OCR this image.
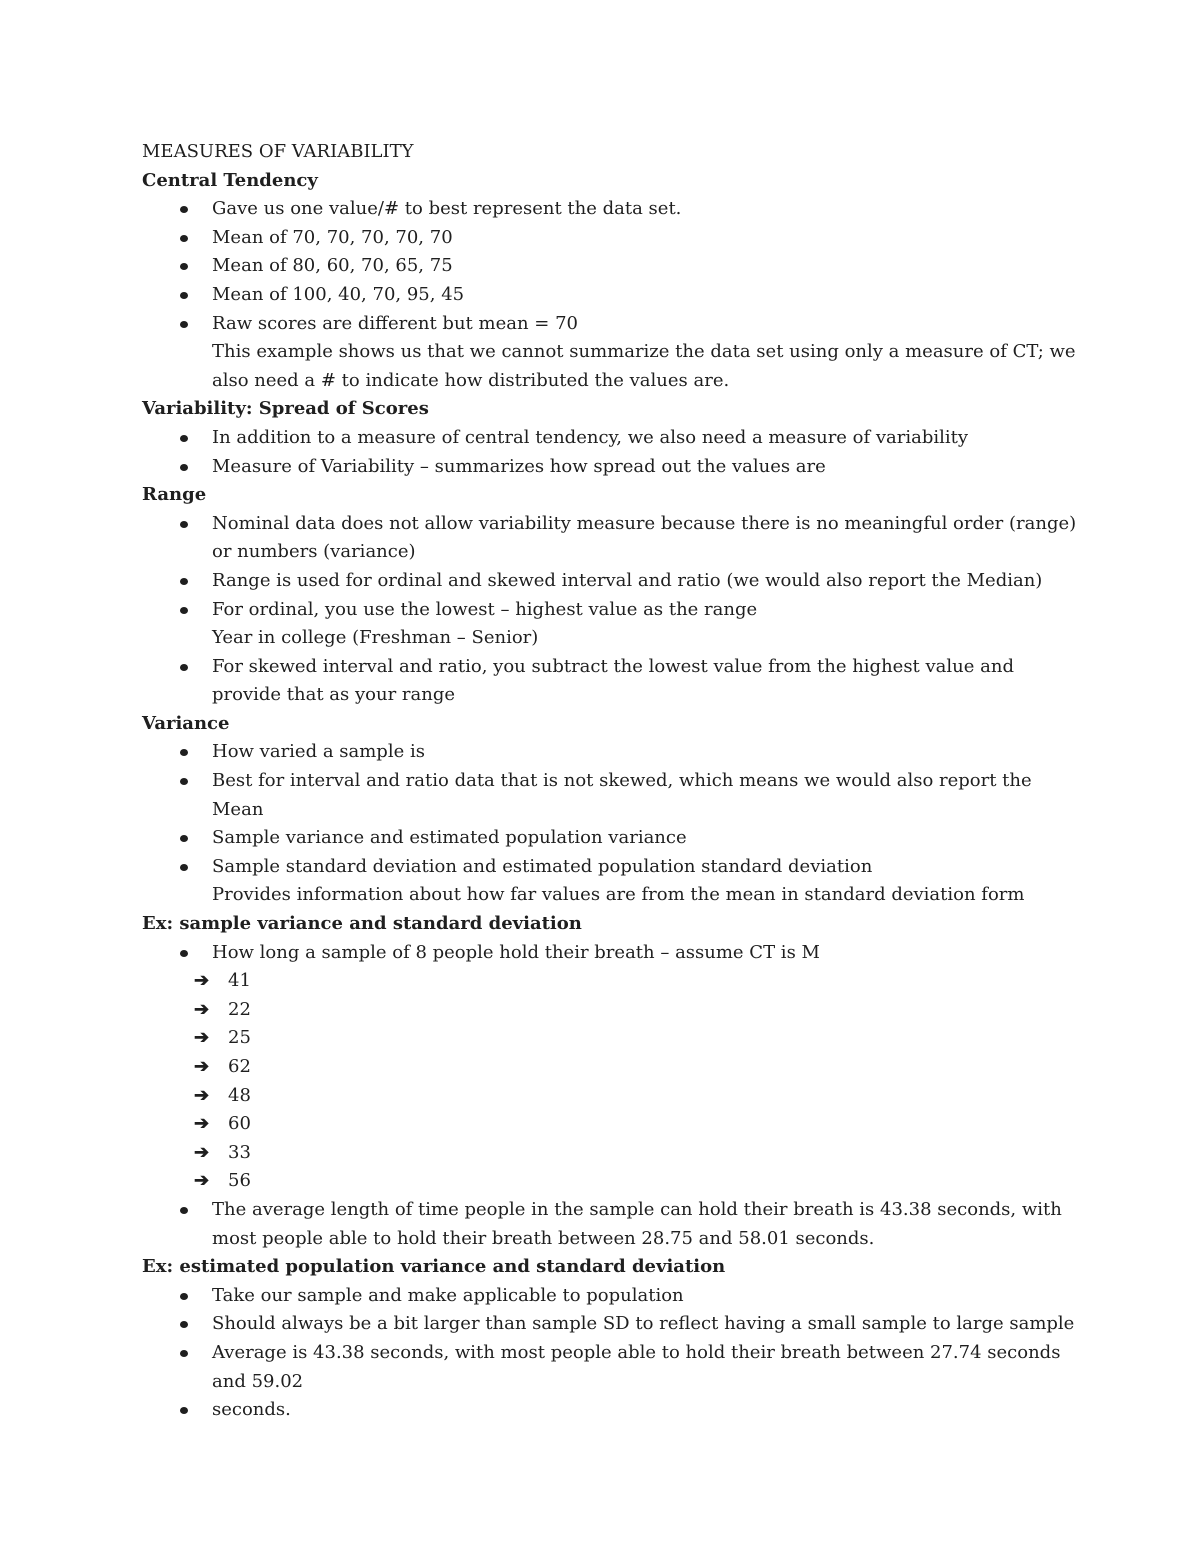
MEASURES OF VARIABILITY

Central Tendency

Gave us one value/# to best represent the data set.
Mean of 70, 70, 70, 70, 70
Mean of 80, 60, 70, 65, 75
Mean of 100, 40, 70, 95, 45
Raw scores are different but mean = 70

This example shows us that we cannot summarize the data set using only a measure of CT; we also need a # to indicate how distributed the values are.

Variability: Spread of Scores

In addition to a measure of central tendency, we also need a measure of variability
Measure of Variability – summarizes how spread out the values are

Range

Nominal data does not allow variability measure because there is no meaningful order (range) or numbers (variance)
Range is used for ordinal and skewed interval and ratio (we would also report the Median)
For ordinal, you use the lowest – highest value as the range

Year in college (Freshman – Senior)

For skewed interval and ratio, you subtract the lowest value from the highest value and provide that as your range

Variance

How varied a sample is
Best for interval and ratio data that is not skewed, which means we would also report the Mean
Sample variance and estimated population variance
Sample standard deviation and estimated population standard deviation

Provides information about how far values are from the mean in standard deviation form

Ex: sample variance and standard deviation

How long a sample of 8 people hold their breath – assume CT is M
➔ 41
➔ 22
➔ 25
➔ 62
➔ 48
➔ 60
➔ 33
➔ 56
The average length of time people in the sample can hold their breath is 43.38 seconds, with most people able to hold their breath between 28.75 and 58.01 seconds.

Ex: estimated population variance and standard deviation

Take our sample and make applicable to population
Should always be a bit larger than sample SD to reflect having a small sample to large sample
Average is 43.38 seconds, with most people able to hold their breath between 27.74 seconds and 59.02
seconds.
